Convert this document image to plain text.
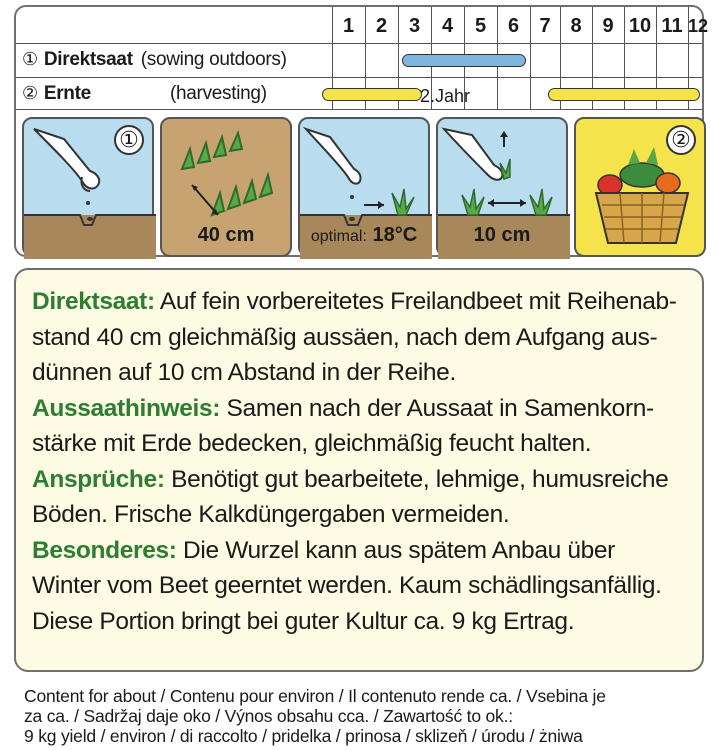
1	2	3	4	5	6	7 8	9 10 11 12
① Direktsaat (sowing outdoors)
② Ernte	(harvesting)	2.Jahr
①
40 cm	optimal: 18°C	10 cm
②

Direktsaat: Auf fein vorbereitetes Freilandbeet mit Reihenab-stand 40 cm gleichmäßig aussäen, nach dem Aufgang aus-dünnen auf 10 cm Abstand in der Reihe.

Aussaathinweis: Samen nach der Aussaat in Samenkorn-stärke mit Erde bedecken, gleichmäßig feucht halten.

Ansprüche: Benötigt gut bearbeitete, lehmige, humusreiche Böden. Frische Kalkdüngergaben vermeiden.

Besonderes: Die Wurzel kann aus spätem Anbau über Winter vom Beet geerntet werden. Kaum schädlingsanfällig. Diese Portion bringt bei guter Kultur ca. 9 kg Ertrag.

Content for about / Contenu pour environ / Il contenuto rende ca. / Vsebina je
za ca. / Sadržaj daje oko / Výnos obsahu cca. / Zawartość to ok.:
9 kg yield / environ / di raccolto / pridelka / prinosa / sklizeň / úrodu / żniwa
